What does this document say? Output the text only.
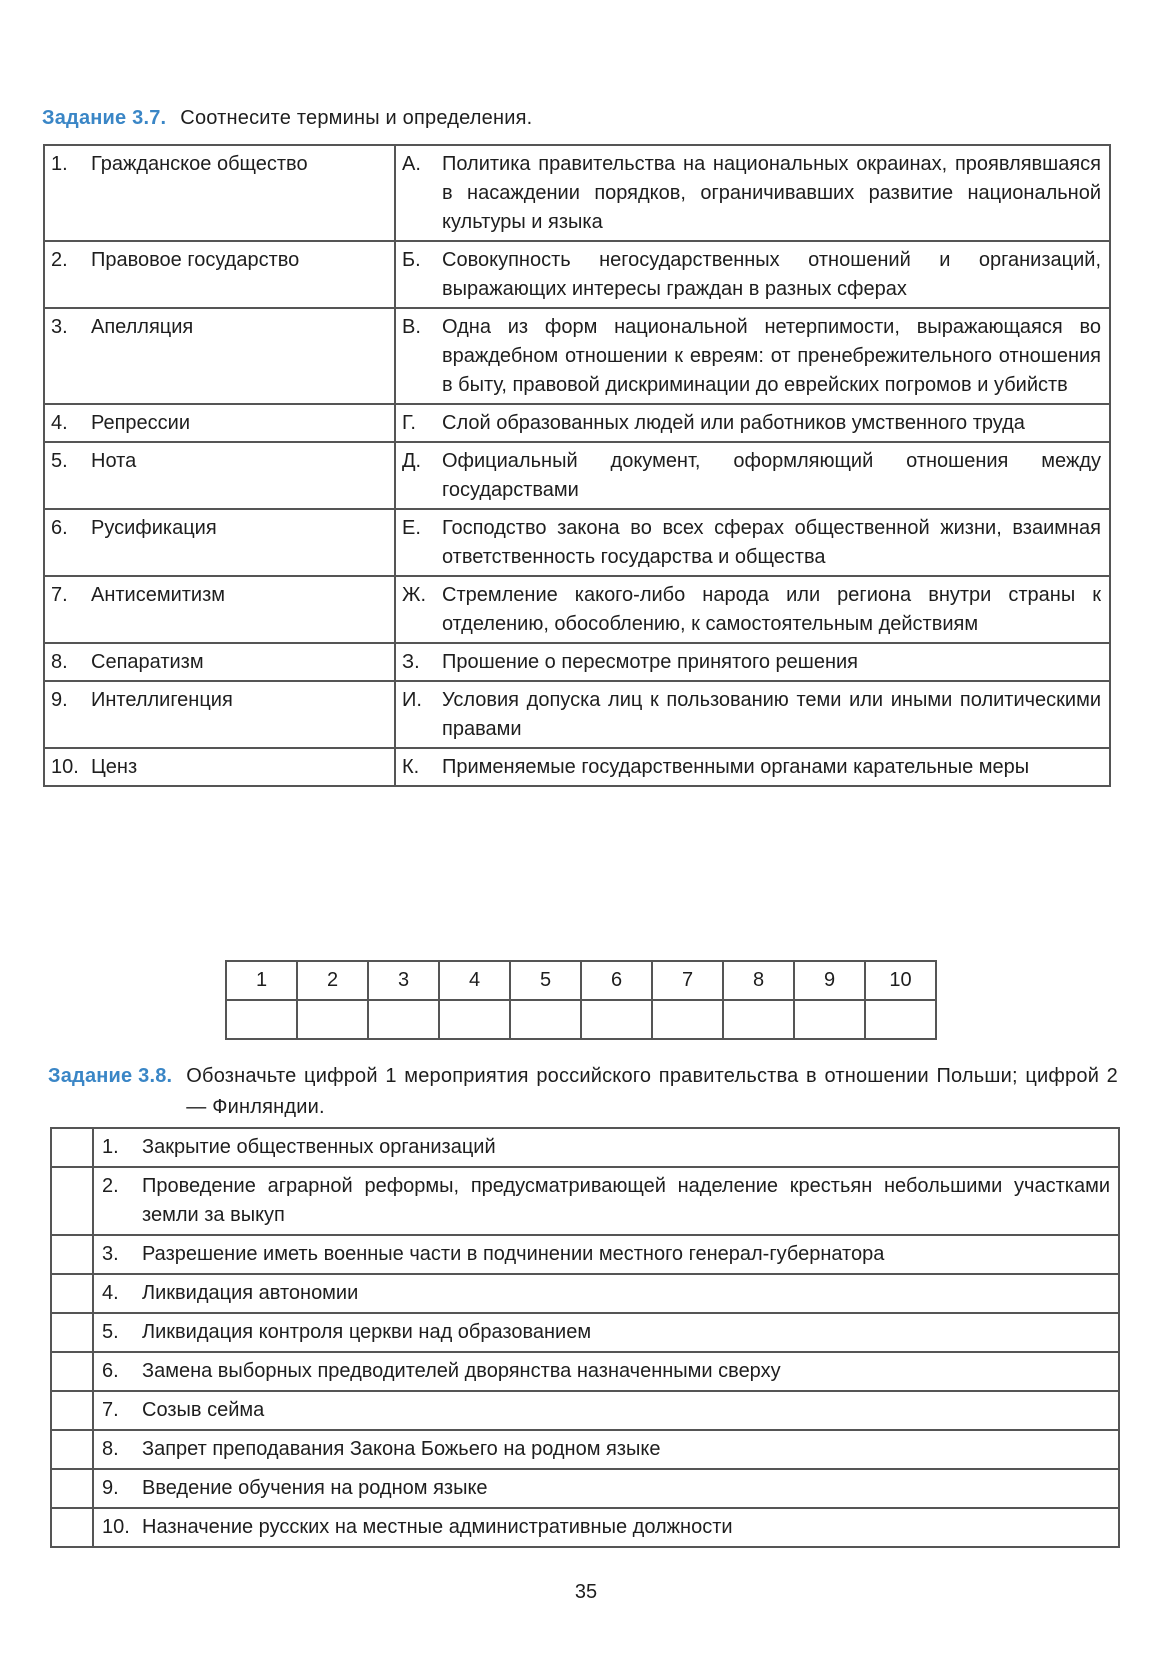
Задание 3.7. Соотнесите термины и определения.
1. Гражданское общество	А. Политика правительства на национальных окраинах, проявлявшаяся в насаждении порядков, ограничивавших развитие национальной культуры и языка

2. Правовое государство	Б. Совокупность негосударственных отношений и организаций, выражающих интересы граждан в разных сферах

3. Апелляция	В. Одна из форм национальной нетерпимости, выражающаяся во враждебном отношении к евреям: от пренебрежительного отношения в быту, правовой дискриминации до еврейских погромов и убийств

4. Репрессии	Г. Слой образованных людей или работников умственного труда

5. Нота	Д. Официальный документ, оформляющий отношения между государствами

6. Русификация	Е. Господство закона во всех сферах общественной жизни, взаимная ответственность государства и общества

7. Антисемитизм	Ж. Стремление какого-либо народа или региона внутри страны к отделению, обособлению, к самостоятельным действиям

8. Сепаратизм	З. Прошение о пересмотре принятого решения

9. Интеллигенция	И. Условия допуска лиц к пользованию теми или иными политическими правами

10. Ценз	К. Применяемые государственными органами карательные меры
1	2	3	4	5	6	7	8	9	10

Задание 3.8. Обозначьте цифрой 1 мероприятия российского правительства в отношении Польши; цифрой 2 — Финляндии.

	1. Закрытие общественных организаций

	2. Проведение аграрной реформы, предусматривающей наделение крестьян небольшими участками земли за выкуп

	3. Разрешение иметь военные части в подчинении местного генерал-губернатора

	4. Ликвидация автономии

	5. Ликвидация контроля церкви над образованием

	6. Замена выборных предводителей дворянства назначенными сверху

	7. Созыв сейма

	8. Запрет преподавания Закона Божьего на родном языке

	9. Введение обучения на родном языке

	10. Назначение русских на местные административные должности
35
